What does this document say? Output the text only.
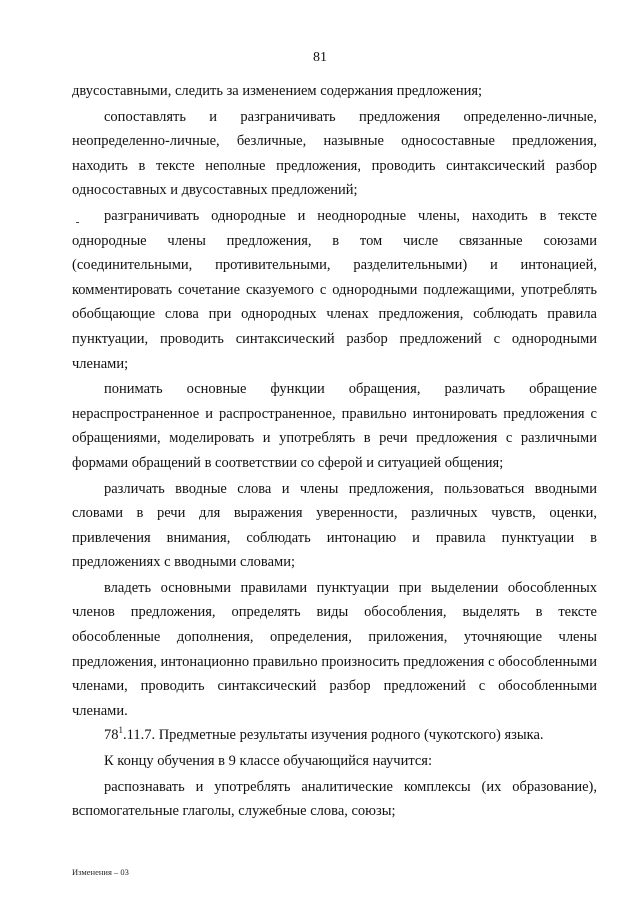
81

двусоставными, следить за изменением содержания предложения;

сопоставлять и разграничивать предложения определенно-личные, неопределенно-личные, безличные, назывные односоставные предложения, находить в тексте неполные предложения, проводить синтаксический разбор односоставных и двусоставных предложений;

разграничивать однородные и неоднородные члены, находить в тексте однородные члены предложения, в том числе связанные союзами (соединительными, противительными, разделительными) и интонацией, комментировать сочетание сказуемого с однородными подлежащими, употреблять обобщающие слова при однородных членах предложения, соблюдать правила пунктуации, проводить синтаксический разбор предложений с однородными членами;

понимать основные функции обращения, различать обращение нераспространенное и распространенное, правильно интонировать предложения с обращениями, моделировать и употреблять в речи предложения с различными формами обращений в соответствии со сферой и ситуацией общения;

различать вводные слова и члены предложения, пользоваться вводными словами в речи для выражения уверенности, различных чувств, оценки, привлечения внимания, соблюдать интонацию и правила пунктуации в предложениях с вводными словами;

владеть основными правилами пунктуации при выделении обособленных членов предложения, определять виды обособления, выделять в тексте обособленные дополнения, определения, приложения, уточняющие члены предложения, интонационно правильно произносить предложения с обособленными членами, проводить синтаксический разбор предложений с обособленными членами.

$78^1.11.7$. Предметные результаты изучения родного (чукотского) языка.

К концу обучения в 9 классе обучающийся научится:

распознавать и употреблять аналитические комплексы (их образование), вспомогательные глаголы, служебные слова, союзы;

Изменения – 03
